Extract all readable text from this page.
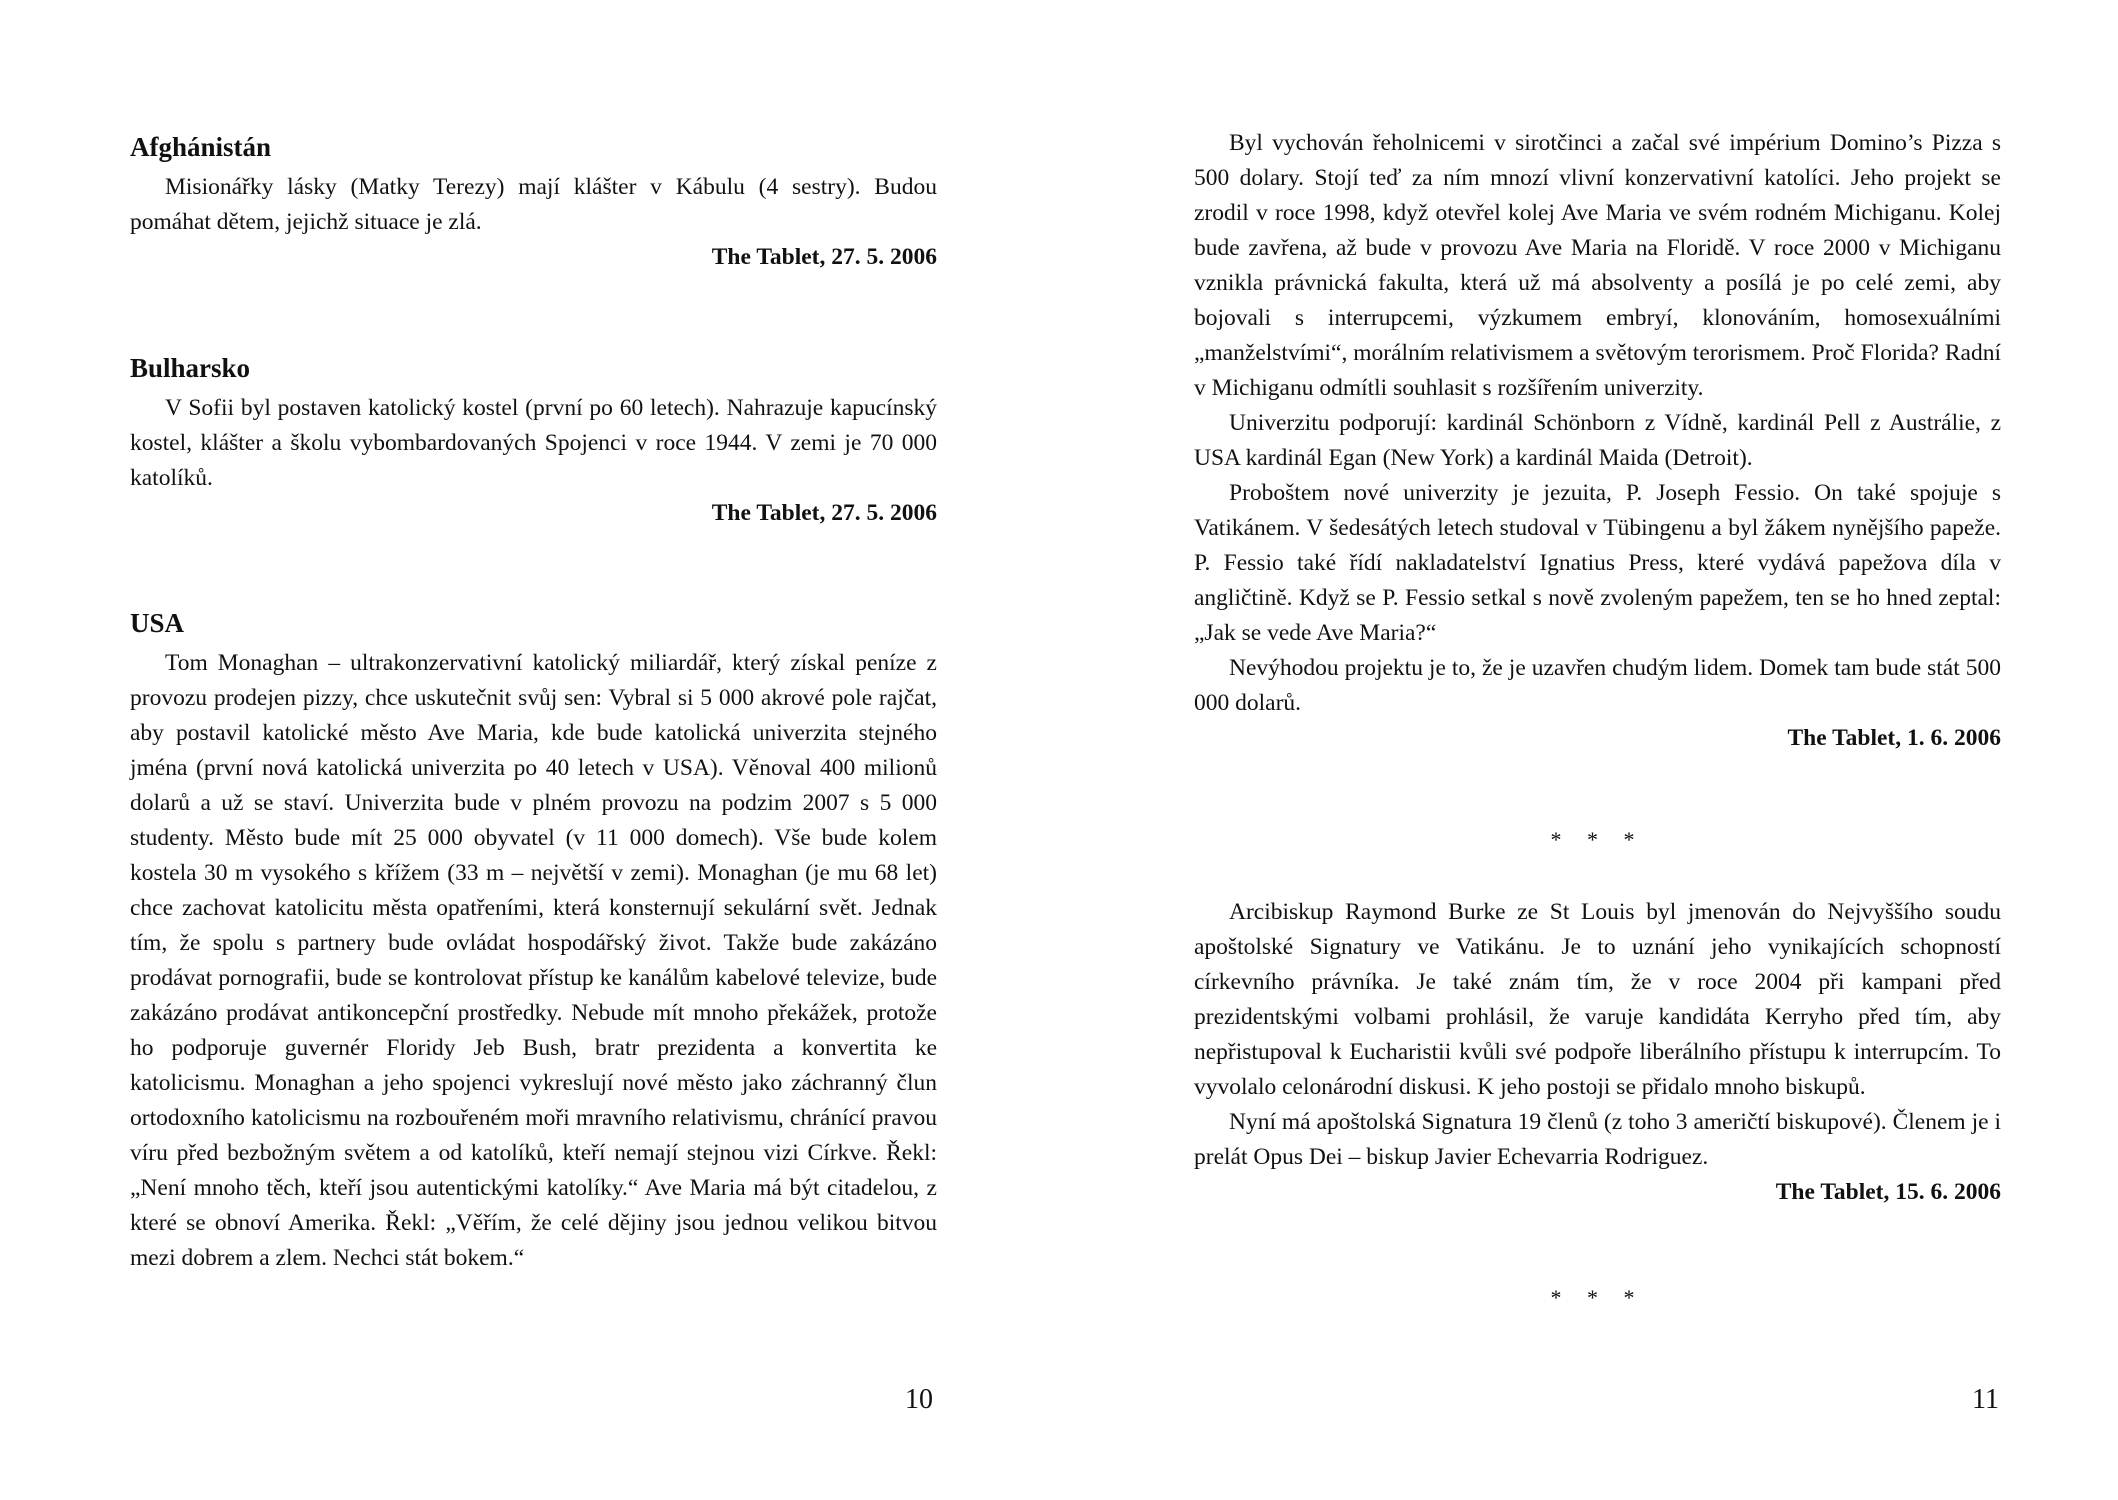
Afghánistán

Misionářky lásky (Matky Terezy) mají klášter v Kábulu (4 sestry). Budou pomáhat dětem, jejichž situace je zlá.

The Tablet, 27. 5. 2006

Bulharsko

V Sofii byl postaven katolický kostel (první po 60 letech). Nahrazuje kapucínský kostel, klášter a školu vybombardovaných Spojenci v roce 1944. V zemi je 70 000 katolíků.

The Tablet, 27. 5. 2006

USA

Tom Monaghan – ultrakonzervativní katolický miliardář, který získal peníze z provozu prodejen pizzy, chce uskutečnit svůj sen: Vybral si 5 000 akrové pole rajčat, aby postavil katolické město Ave Maria, kde bude katolická univerzita stejného jména (první nová katolická univerzita po 40 letech v USA). Věnoval 400 milionů dolarů a už se staví. Univerzita bude v plném provozu na podzim 2007 s 5 000 studenty. Město bude mít 25 000 obyvatel (v 11 000 domech). Vše bude kolem kostela 30 m vysokého s křížem (33 m – největší v zemi). Monaghan (je mu 68 let) chce zachovat katolicitu města opatřeními, která konsternují sekulární svět. Jednak tím, že spolu s partnery bude ovládat hospodářský život. Takže bude zakázáno prodávat pornografii, bude se kontrolovat přístup ke kanálům kabelové televize, bude zakázáno prodávat antikoncepční prostředky. Nebude mít mnoho překážek, protože ho podporuje guvernér Floridy Jeb Bush, bratr prezidenta a konvertita ke katolicismu. Monaghan a jeho spojenci vykreslují nové město jako záchranný člun ortodoxního katolicismu na rozbouřeném moři mravního relativismu, chránící pravou víru před bezbožným světem a od katolíků, kteří nemají stejnou vizi Církve. Řekl: „Není mnoho těch, kteří jsou autentickými katolíky.“ Ave Maria má být citadelou, z které se obnoví Amerika. Řekl: „Věřím, že celé dějiny jsou jednou velikou bitvou mezi dobrem a zlem. Nechci stát bokem.“

10

Byl vychován řeholnicemi v sirotčinci a začal své impérium Domino’s Pizza s 500 dolary. Stojí teď za ním mnozí vlivní konzervativní katolíci. Jeho projekt se zrodil v roce 1998, když otevřel kolej Ave Maria ve svém rodném Michiganu. Kolej bude zavřena, až bude v provozu Ave Maria na Floridě. V roce 2000 v Michiganu vznikla právnická fakulta, která už má absolventy a posílá je po celé zemi, aby bojovali s interrupcemi, výzkumem embryí, klonováním, homosexuálními „manželstvími“, morálním relativismem a světovým terorismem. Proč Florida? Radní v Michiganu odmítli souhlasit s rozšířením univerzity.

Univerzitu podporují: kardinál Schönborn z Vídně, kardinál Pell z Austrálie, z USA kardinál Egan (New York) a kardinál Maida (Detroit).

Proboštem nové univerzity je jezuita, P. Joseph Fessio. On také spojuje s Vatikánem. V šedesátých letech studoval v Tübingenu a byl žákem nynějšího papeže. P. Fessio také řídí nakladatelství Ignatius Press, které vydává papežova díla v angličtině. Když se P. Fessio setkal s nově zvoleným papežem, ten se ho hned zeptal: „Jak se vede Ave Maria?“

Nevýhodou projektu je to, že je uzavřen chudým lidem. Domek tam bude stát 500 000 dolarů.

The Tablet, 1. 6. 2006

* * *

Arcibiskup Raymond Burke ze St Louis byl jmenován do Nejvyššího soudu apoštolské Signatury ve Vatikánu. Je to uznání jeho vynikajících schopností církevního právníka. Je také znám tím, že v roce 2004 při kampani před prezidentskými volbami prohlásil, že varuje kandidáta Kerryho před tím, aby nepřistupoval k Eucharistii kvůli své podpoře liberálního přístupu k interrupcím. To vyvolalo celonárodní diskusi. K jeho postoji se přidalo mnoho biskupů.

Nyní má apoštolská Signatura 19 členů (z toho 3 američtí biskupové). Členem je i prelát Opus Dei – biskup Javier Echevarria Rodriguez.

The Tablet, 15. 6. 2006

* * *

11
